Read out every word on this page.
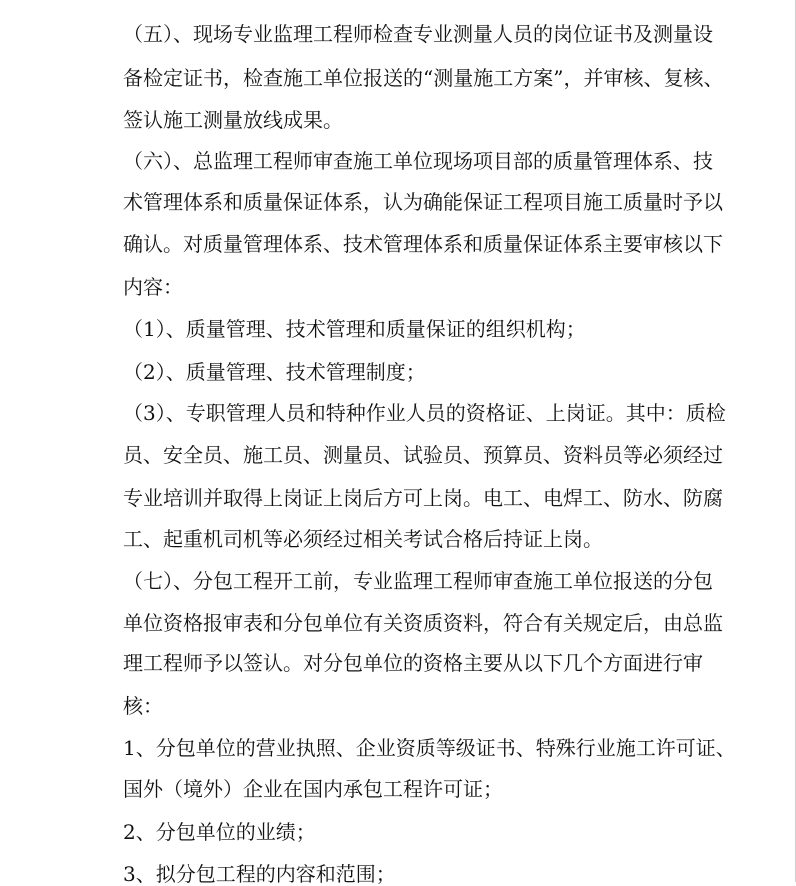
（五）、现场专业监理工程师检查专业测量人员的岗位证书及测量设
备检定证书，检查施工单位报送的“测量施工方案”，并审核、复核、
签认施工测量放线成果。
（六）、总监理工程师审查施工单位现场项目部的质量管理体系、技
术管理体系和质量保证体系，认为确能保证工程项目施工质量时予以
确认。对质量管理体系、技术管理体系和质量保证体系主要审核以下
内容：
（1）、质量管理、技术管理和质量保证的组织机构；
（2）、质量管理、技术管理制度；
（3）、专职管理人员和特种作业人员的资格证、上岗证。其中：质检
员、安全员、施工员、测量员、试验员、预算员、资料员等必须经过
专业培训并取得上岗证上岗后方可上岗。电工、电焊工、防水、防腐
工、起重机司机等必须经过相关考试合格后持证上岗。
（七）、分包工程开工前，专业监理工程师审查施工单位报送的分包
单位资格报审表和分包单位有关资质资料，符合有关规定后，由总监
理工程师予以签认。对分包单位的资格主要从以下几个方面进行审
核：
1、分包单位的营业执照、企业资质等级证书、特殊行业施工许可证、
国外（境外）企业在国内承包工程许可证；
2、分包单位的业绩；
3、拟分包工程的内容和范围；
